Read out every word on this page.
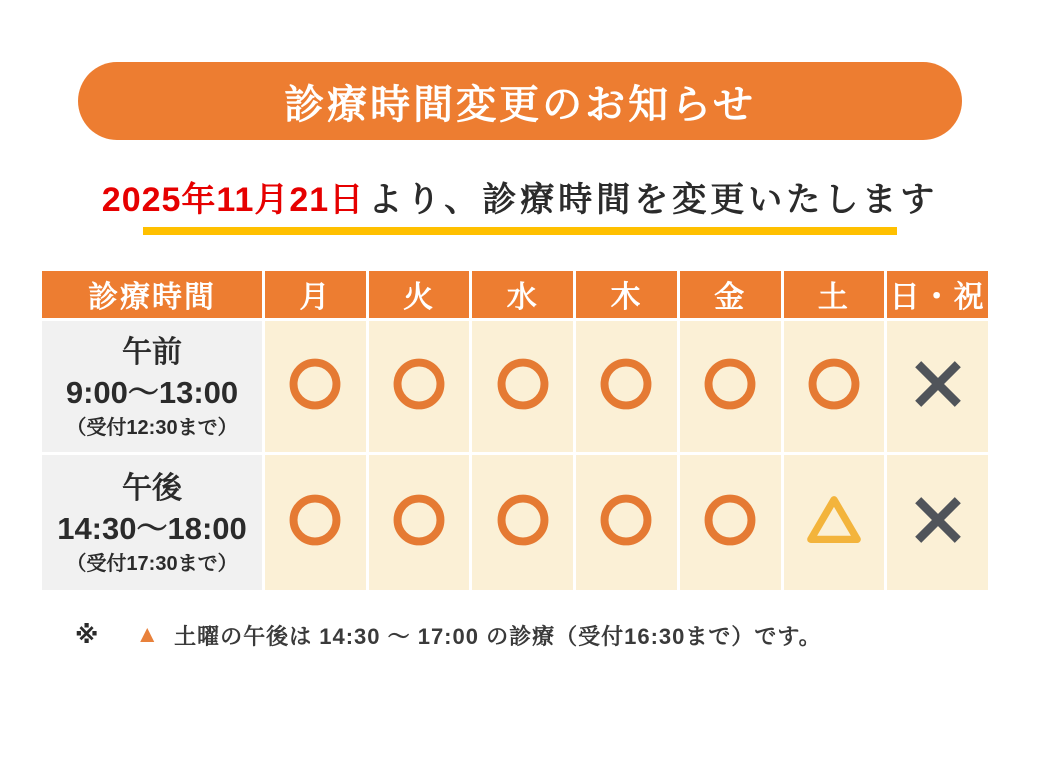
診療時間変更のお知らせ
2025年11月21日 より、診療時間を変更いたします
診療時間	月 火 水 木 金 土 日・祝
午前
9:00〜13:00
（受付12:30まで）
午後
14:30〜18:00
（受付17:30まで）
※ ▲ 土曜の午後は 14:30 〜 17:00 の診療（受付16:30まで）です。
